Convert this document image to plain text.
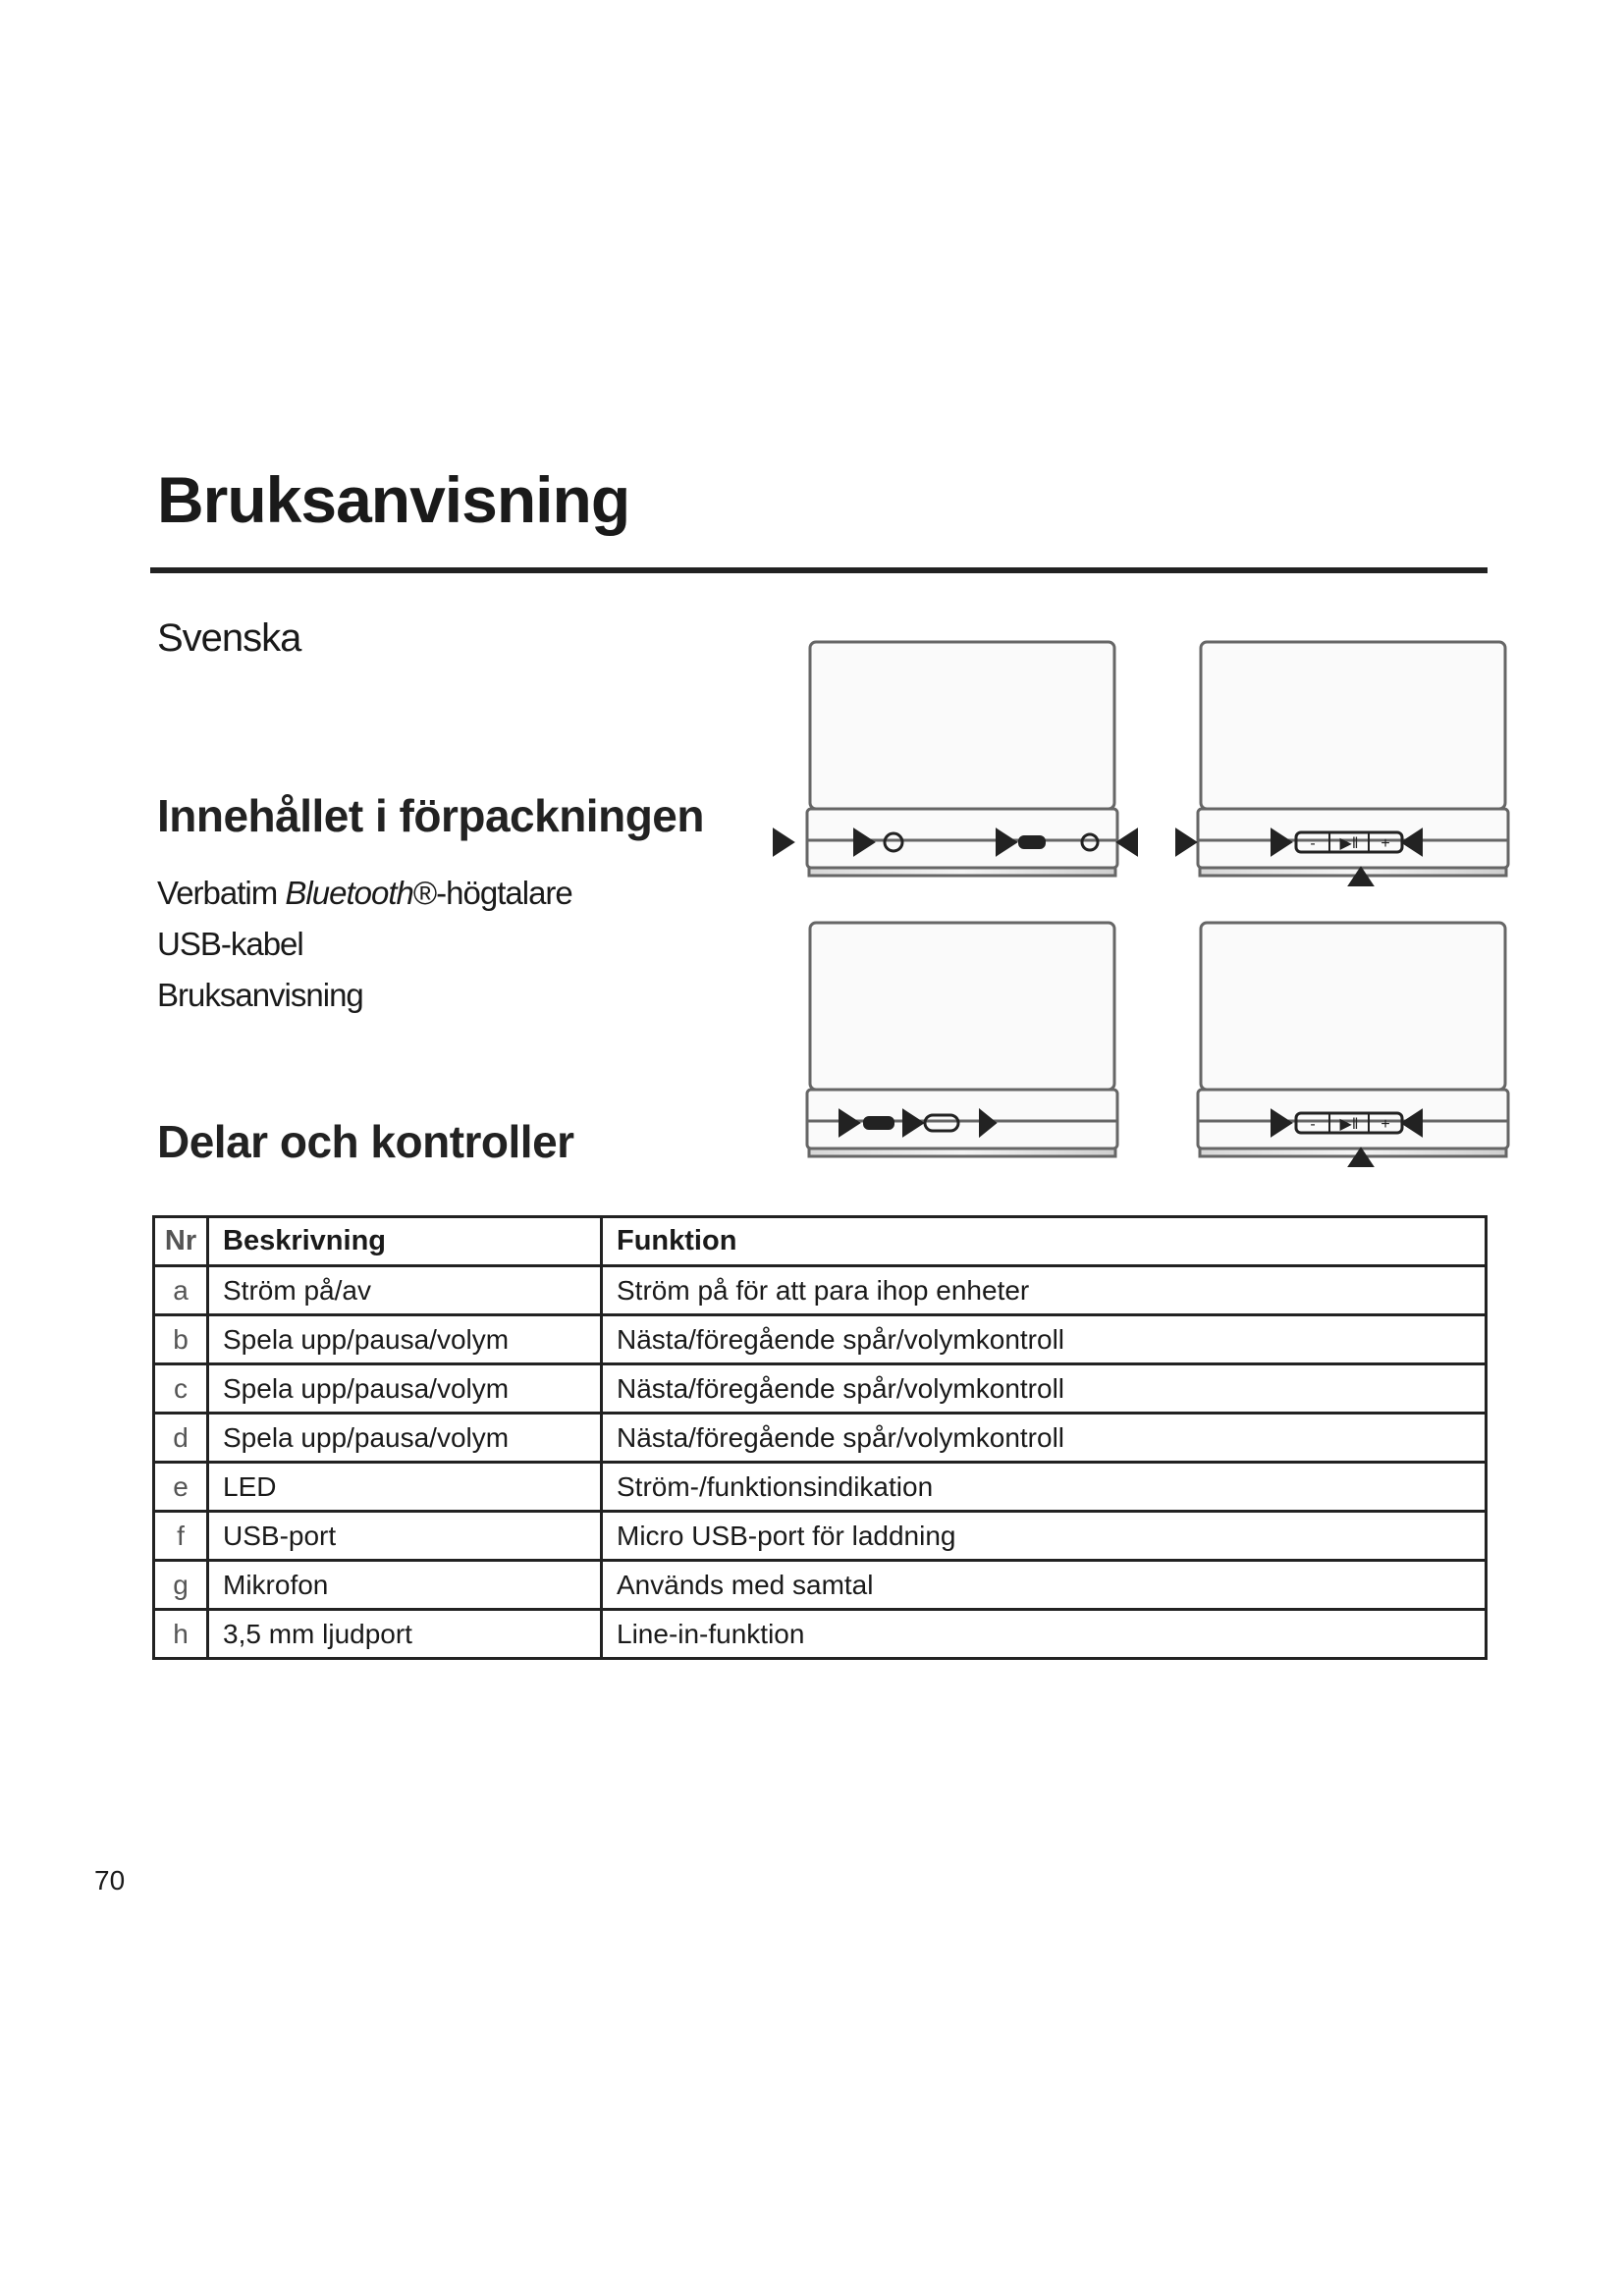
Bruksanvisning
Svenska
Innehållet i förpackningen
Verbatim Bluetooth®-högtalare
USB-kabel
Bruksanvisning
Delar och kontroller
- ▶‖ +
- ▶‖ +
Nr	Beskrivning	Funktion
a	Ström på/av	Ström på för att para ihop enheter
b	Spela upp/pausa/volym	Nästa/föregående spår/volymkontroll
c	Spela upp/pausa/volym	Nästa/föregående spår/volymkontroll
d	Spela upp/pausa/volym	Nästa/föregående spår/volymkontroll
e	LED	Ström-/funktionsindikation
f	USB-port	Micro USB-port för laddning
g	Mikrofon	Används med samtal
h	3,5 mm ljudport	Line-in-funktion
70
